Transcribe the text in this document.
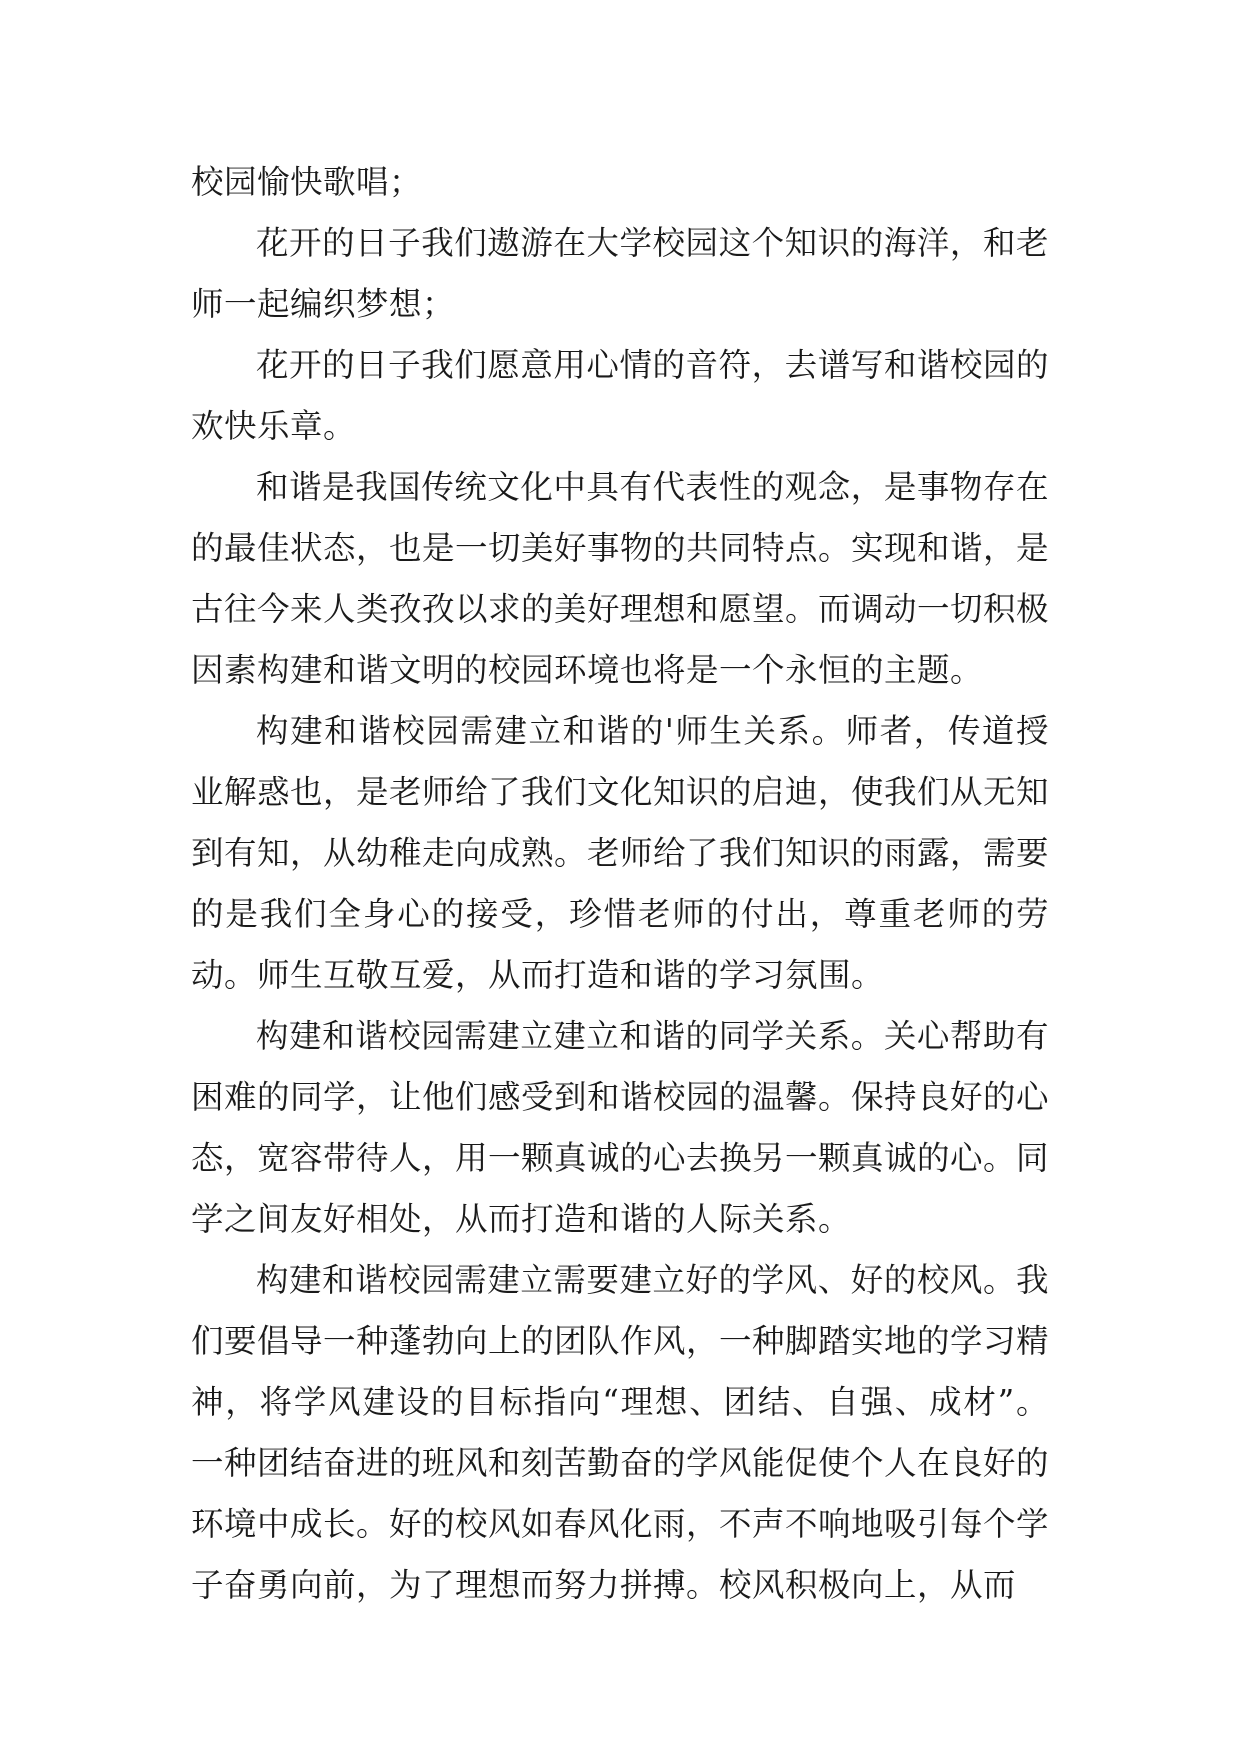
校园愉快歌唱；

花开的日子我们遨游在大学校园这个知识的海洋，和老师一起编织梦想；

花开的日子我们愿意用心情的音符，去谱写和谐校园的欢快乐章。

和谐是我国传统文化中具有代表性的观念，是事物存在的最佳状态，也是一切美好事物的共同特点。实现和谐，是古往今来人类孜孜以求的美好理想和愿望。而调动一切积极因素构建和谐文明的校园环境也将是一个永恒的主题。

构建和谐校园需建立和谐的'师生关系。师者，传道授业解惑也，是老师给了我们文化知识的启迪，使我们从无知到有知，从幼稚走向成熟。老师给了我们知识的雨露，需要的是我们全身心的接受，珍惜老师的付出，尊重老师的劳动。师生互敬互爱，从而打造和谐的学习氛围。

构建和谐校园需建立建立和谐的同学关系。关心帮助有困难的同学，让他们感受到和谐校园的温馨。保持良好的心态，宽容带待人，用一颗真诚的心去换另一颗真诚的心。同学之间友好相处，从而打造和谐的人际关系。

构建和谐校园需建立需要建立好的学风、好的校风。我们要倡导一种蓬勃向上的团队作风，一种脚踏实地的学习精神，将学风建设的目标指向“理想、团结、自强、成材”。一种团结奋进的班风和刻苦勤奋的学风能促使个人在良好的环境中成长。好的校风如春风化雨，不声不响地吸引每个学子奋勇向前，为了理想而努力拼搏。校风积极向上，从而
